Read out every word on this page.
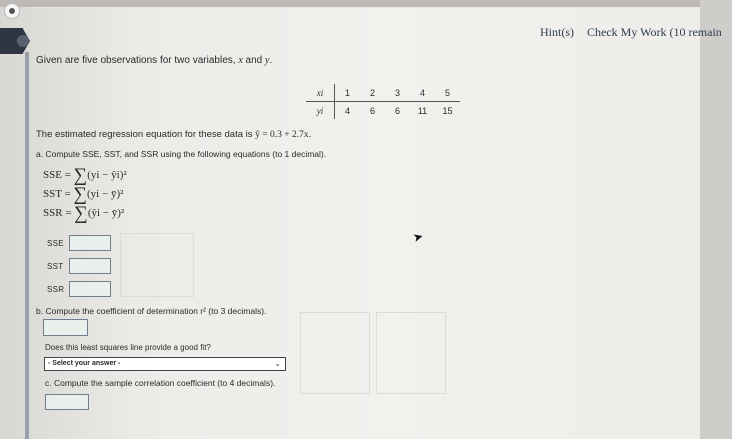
Hint(s) Check My Work (10 remain
Given are five observations for two variables, x and y.
xi	1	2	3	4	5
yi	4	6	6	11	15
The estimated regression equation for these data is ŷ = 0.3 + 2.7x.
a. Compute SSE, SST, and SSR using the following equations (to 1 decimal).
SSE = ∑(yi − ŷi)²
SST = ∑(yi − ȳ)²
SSR = ∑(ŷi − ȳ)²
SSE
SST
SSR
b. Compute the coefficient of determination r² (to 3 decimals).
Does this least squares line provide a good fit?
- Select your answer -	⌄
c. Compute the sample correlation coefficient (to 4 decimals).
➤
